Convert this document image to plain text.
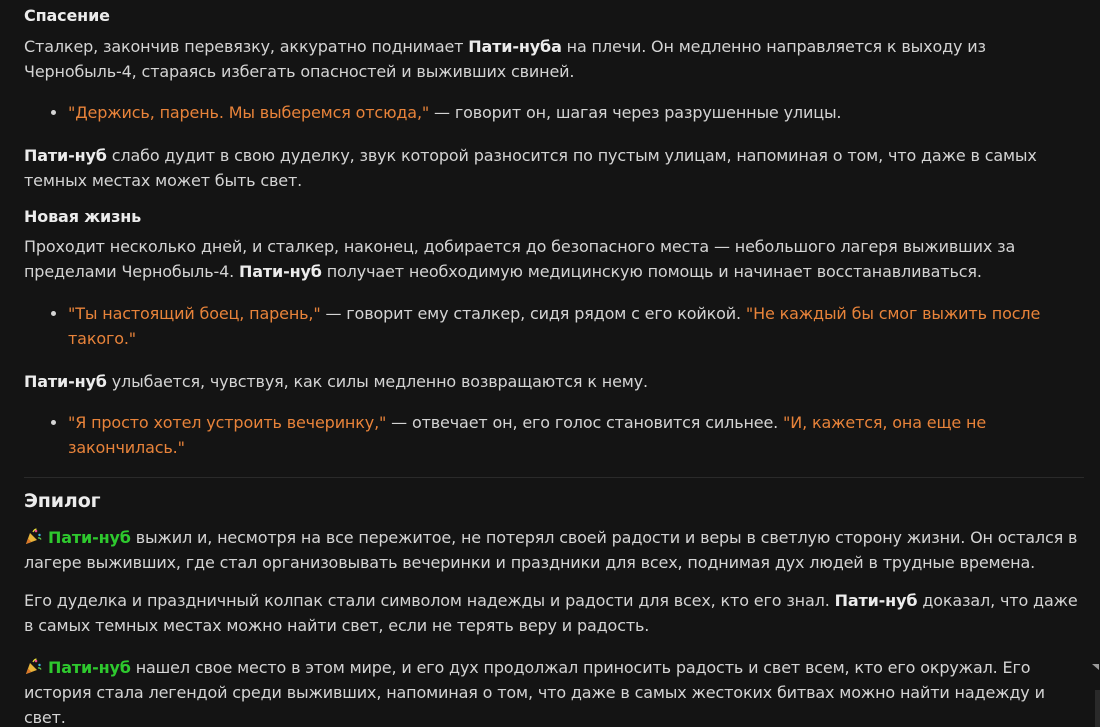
Спасение
Сталкер, закончив перевязку, аккуратно поднимает Пати-нуба на плечи. Он медленно направляется к выходу из Чернобыль-4, стараясь избегать опасностей и выживших свиней.
"Держись, парень. Мы выберемся отсюда," — говорит он, шагая через разрушенные улицы.
Пати-нуб слабо дудит в свою дуделку, звук которой разносится по пустым улицам, напоминая о том, что даже в самых темных местах может быть свет.
Новая жизнь
Проходит несколько дней, и сталкер, наконец, добирается до безопасного места — небольшого лагеря выживших за пределами Чернобыль-4. Пати-нуб получает необходимую медицинскую помощь и начинает восстанавливаться.
"Ты настоящий боец, парень," — говорит ему сталкер, сидя рядом с его койкой. "Не каждый бы смог выжить после такого."
Пати-нуб улыбается, чувствуя, как силы медленно возвращаются к нему.
"Я просто хотел устроить вечеринку," — отвечает он, его голос становится сильнее. "И, кажется, она еще не закончилась."
Эпилог
Пати-нуб выжил и, несмотря на все пережитое, не потерял своей радости и веры в светлую сторону жизни. Он остался в лагере выживших, где стал организовывать вечеринки и праздники для всех, поднимая дух людей в трудные времена.
Его дуделка и праздничный колпак стали символом надежды и радости для всех, кто его знал. Пати-нуб доказал, что даже в самых темных местах можно найти свет, если не терять веру и радость.
Пати-нуб нашел свое место в этом мире, и его дух продолжал приносить радость и свет всем, кто его окружал. Его история стала легендой среди выживших, напоминая о том, что даже в самых жестоких битвах можно найти надежду и свет.
